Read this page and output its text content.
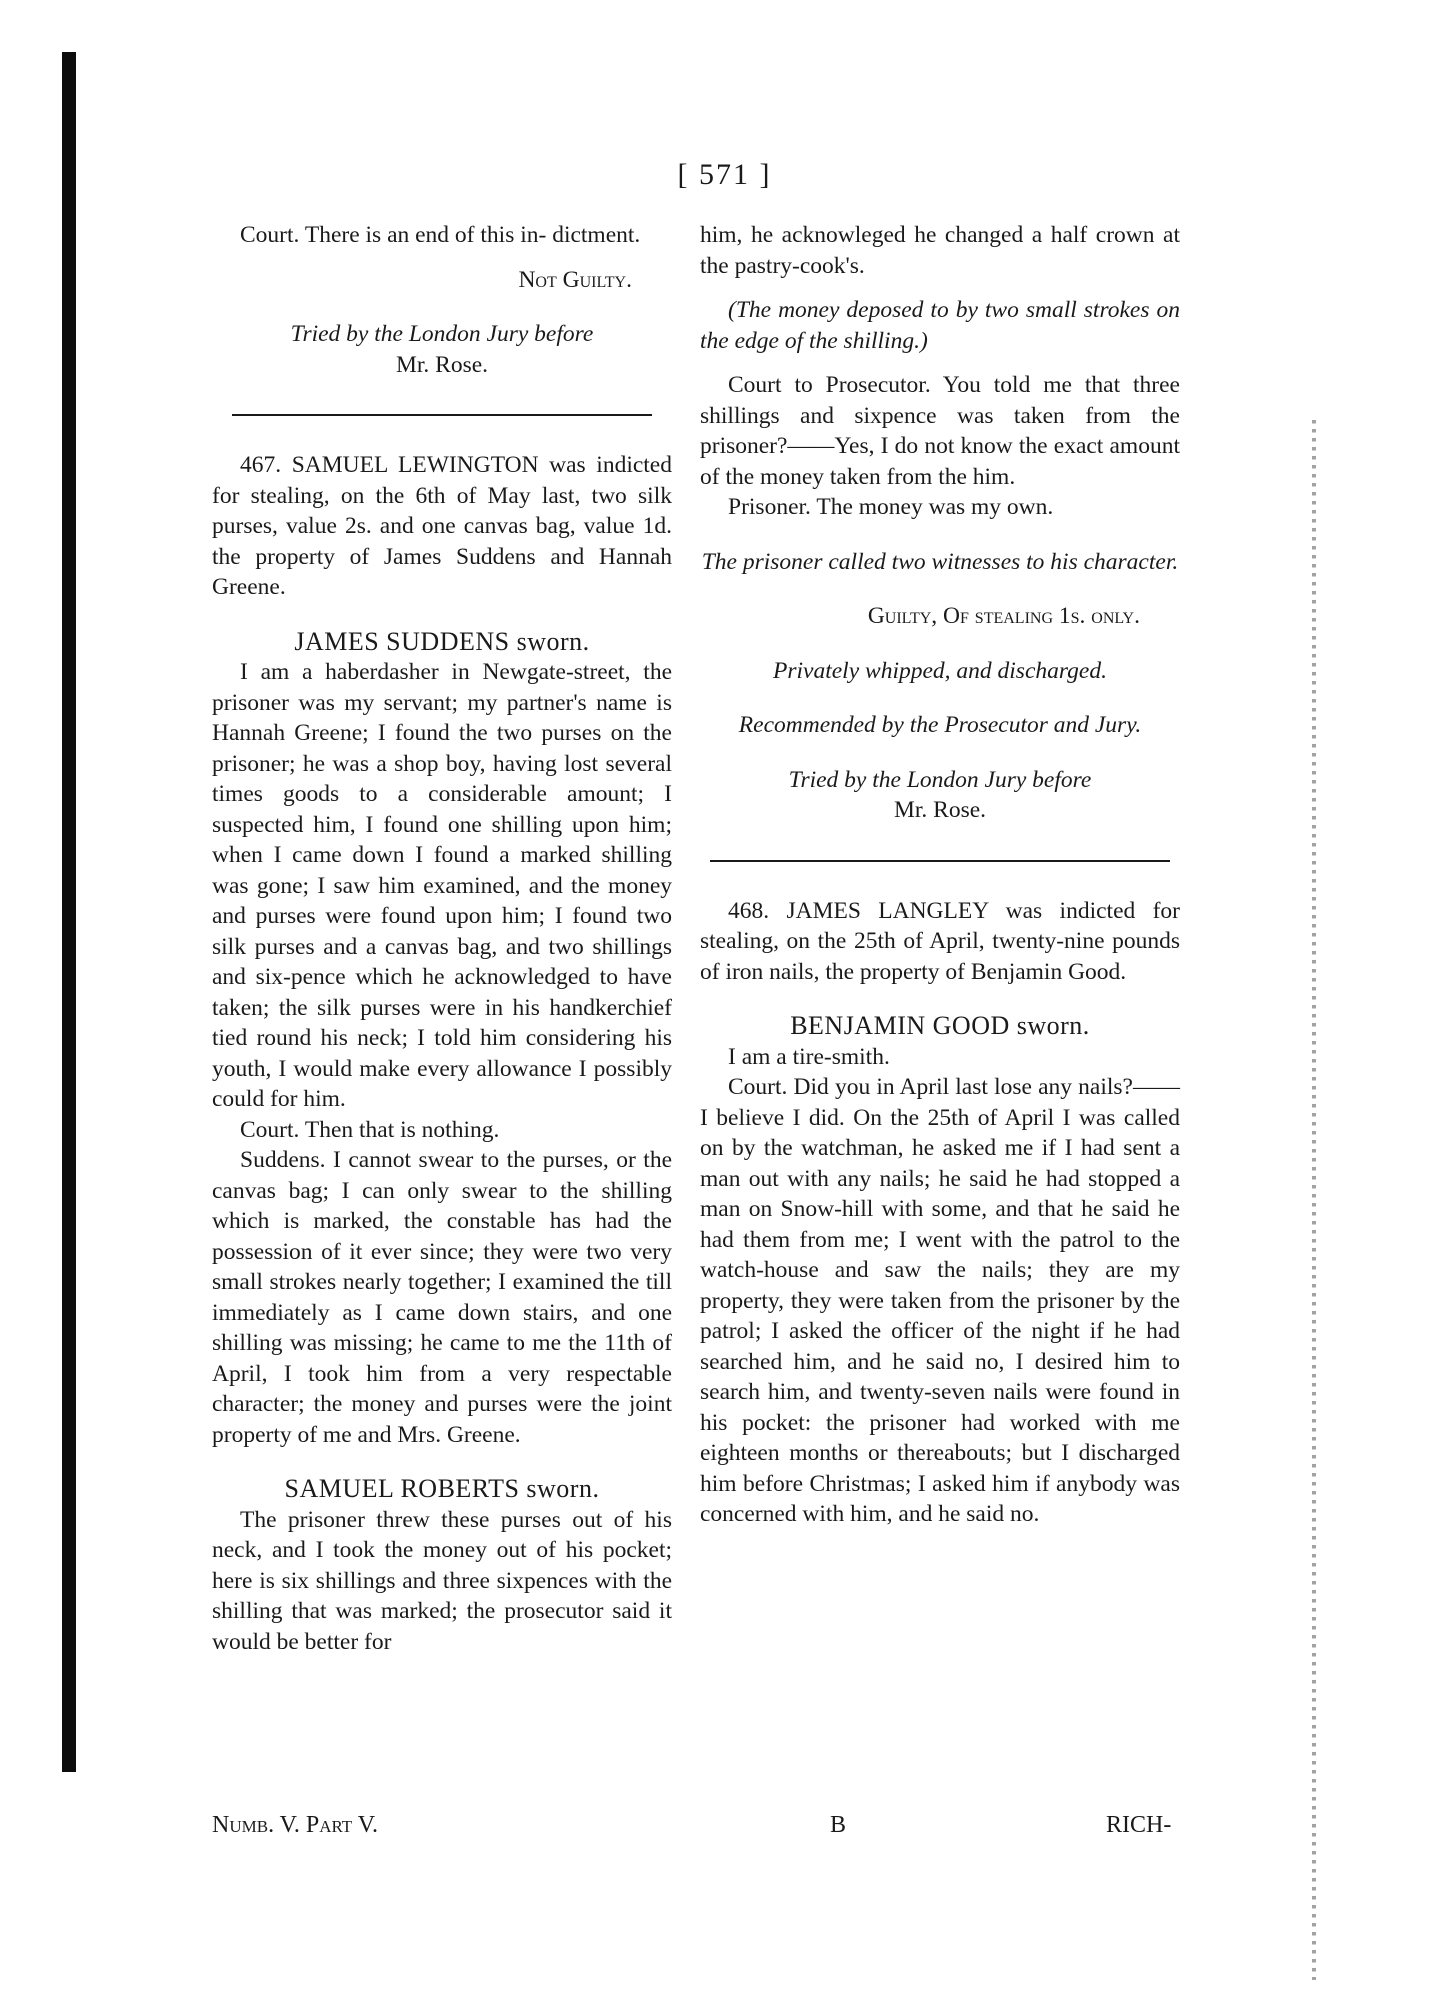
[ 571 ]

Court. There is an end of this in- dictment.

Not Guilty.

Tried by the London Jury before

Mr. Rose.

467. SAMUEL LEWINGTON was indicted for stealing, on the 6th of May last, two silk purses, value 2s. and one canvas bag, value 1d. the property of James Suddens and Hannah Greene.

JAMES SUDDENS sworn.

I am a haberdasher in Newgate-street, the prisoner was my servant; my partner's name is Hannah Greene; I found the two purses on the prisoner; he was a shop boy, having lost several times goods to a considerable amount; I suspected him, I found one shilling upon him; when I came down I found a marked shilling was gone; I saw him examined, and the money and purses were found upon him; I found two silk purses and a canvas bag, and two shillings and six-pence which he acknowledged to have taken; the silk purses were in his handkerchief tied round his neck; I told him considering his youth, I would make every allowance I possibly could for him.

Court. Then that is nothing.

Suddens. I cannot swear to the purses, or the canvas bag; I can only swear to the shilling which is marked, the constable has had the possession of it ever since; they were two very small strokes nearly together; I examined the till immediately as I came down stairs, and one shilling was missing; he came to me the 11th of April, I took him from a very respectable character; the money and purses were the joint property of me and Mrs. Greene.

SAMUEL ROBERTS sworn.

The prisoner threw these purses out of his neck, and I took the money out of his pocket; here is six shillings and three sixpences with the shilling that was marked; the prosecutor said it would be better for

him, he acknowleged he changed a half crown at the pastry-cook's.

(The money deposed to by two small strokes on the edge of the shilling.)

Court to Prosecutor. You told me that three shillings and sixpence was taken from the prisoner?——Yes, I do not know the exact amount of the money taken from the him.

Prisoner. The money was my own.

The prisoner called two witnesses to his character.

Guilty, Of stealing 1s. only.

Privately whipped, and discharged.

Recommended by the Prosecutor and Jury.

Tried by the London Jury before

Mr. Rose.

468. JAMES LANGLEY was indicted for stealing, on the 25th of April, twenty-nine pounds of iron nails, the property of Benjamin Good.

BENJAMIN GOOD sworn.

I am a tire-smith.

Court. Did you in April last lose any nails?——I believe I did. On the 25th of April I was called on by the watchman, he asked me if I had sent a man out with any nails; he said he had stopped a man on Snow-hill with some, and that he said he had them from me; I went with the patrol to the watch-house and saw the nails; they are my property, they were taken from the prisoner by the patrol; I asked the officer of the night if he had searched him, and he said no, I desired him to search him, and twenty-seven nails were found in his pocket: the prisoner had worked with me eighteen months or thereabouts; but I discharged him before Christmas; I asked him if anybody was concerned with him, and he said no.

Numb. V. Part V.	B	RICH-
